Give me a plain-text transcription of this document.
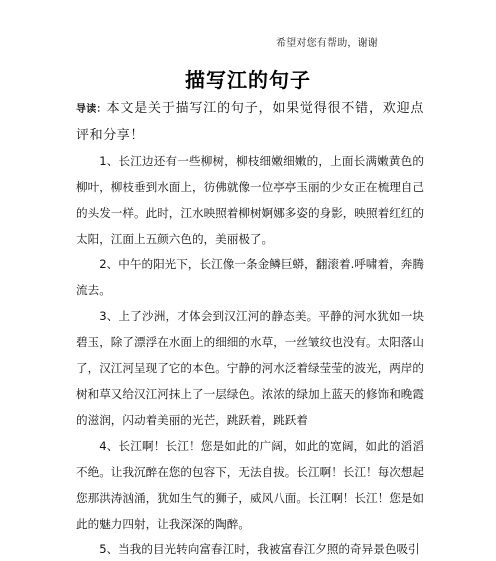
希望对您有帮助，谢谢
描写江的句子

导读：本文是关于描写江的句子，如果觉得很不错，欢迎点评和分享！

1、长江边还有一些柳树，柳枝细嫩细嫩的，上面长满嫩黄色的柳叶，柳枝垂到水面上，彷佛就像一位亭亭玉丽的少女正在梳理自己的头发一样。此时，江水映照着柳树婀娜多姿的身影，映照着红红的太阳，江面上五颜六色的，美丽极了。

2、中午的阳光下，长江像一条金鳞巨蟒，翻滚着.呼啸着，奔腾流去。

3、上了沙洲，才体会到汉江河的静态美。平静的河水犹如一块碧玉，除了漂浮在水面上的细细的水草，一丝皱纹也没有。太阳落山了，汉江河呈现了它的本色。宁静的河水泛着绿莹莹的波光，两岸的树和草又给汉江河抹上了一层绿色。浓浓的绿加上蓝天的修饰和晚霞的滋润，闪动着美丽的光芒，跳跃着，跳跃着

4、长江啊！长江！您是如此的广阔，如此的宽阔，如此的滔滔不绝。让我沉醉在您的包容下，无法自拔。长江啊！长江！每次想起您那洪涛汹涌，犹如生气的狮子，威风八面。长江啊！长江！您是如此的魅力四射，让我深深的陶醉。

5、当我的目光转向富春江时，我被富春江夕照的奇异景色吸引
